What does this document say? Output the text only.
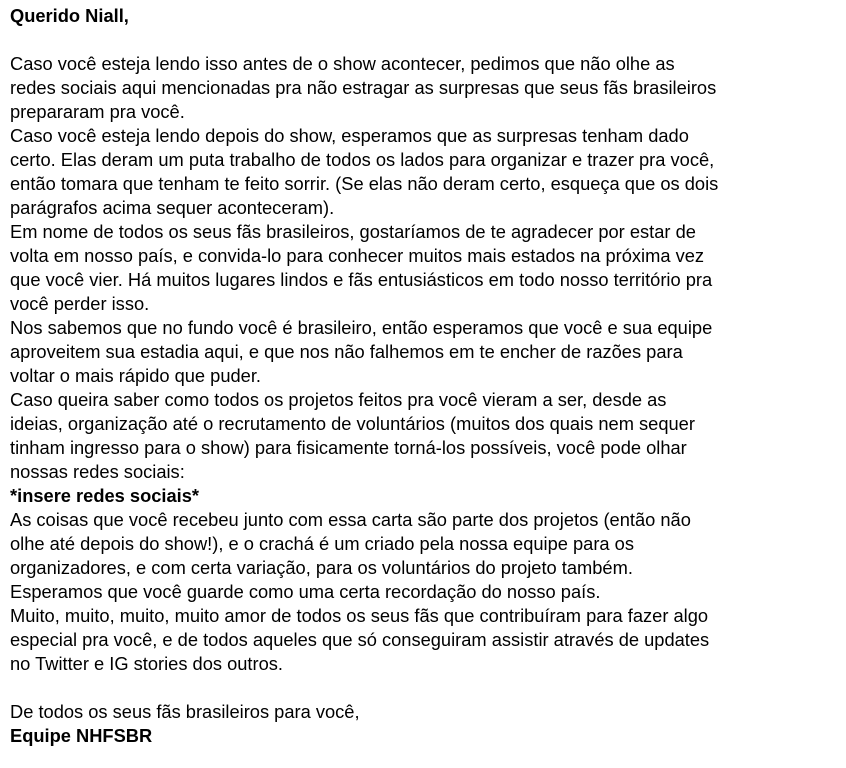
Querido Niall,

Caso você esteja lendo isso antes de o show acontecer, pedimos que não olhe as
redes sociais aqui mencionadas pra não estragar as surpresas que seus fãs brasileiros
prepararam pra você.

Caso você esteja lendo depois do show, esperamos que as surpresas tenham dado
certo. Elas deram um puta trabalho de todos os lados para organizar e trazer pra você,
então tomara que tenham te feito sorrir. (Se elas não deram certo, esqueça que os dois
parágrafos acima sequer aconteceram).

Em nome de todos os seus fãs brasileiros, gostaríamos de te agradecer por estar de
volta em nosso país, e convida-lo para conhecer muitos mais estados na próxima vez
que você vier. Há muitos lugares lindos e fãs entusiásticos em todo nosso território pra
você perder isso.

Nos sabemos que no fundo você é brasileiro, então esperamos que você e sua equipe
aproveitem sua estadia aqui, e que nos não falhemos em te encher de razões para
voltar o mais rápido que puder.

Caso queira saber como todos os projetos feitos pra você vieram a ser, desde as
ideias, organização até o recrutamento de voluntários (muitos dos quais nem sequer
tinham ingresso para o show) para fisicamente torná-los possíveis, você pode olhar
nossas redes sociais:

*insere redes sociais*

As coisas que você recebeu junto com essa carta são parte dos projetos (então não
olhe até depois do show!), e o crachá é um criado pela nossa equipe para os
organizadores, e com certa variação, para os voluntários do projeto também.

Esperamos que você guarde como uma certa recordação do nosso país.

Muito, muito, muito, muito amor de todos os seus fãs que contribuíram para fazer algo
especial pra você, e de todos aqueles que só conseguiram assistir através de updates
no Twitter e IG stories dos outros.

De todos os seus fãs brasileiros para você,

Equipe NHFSBR
